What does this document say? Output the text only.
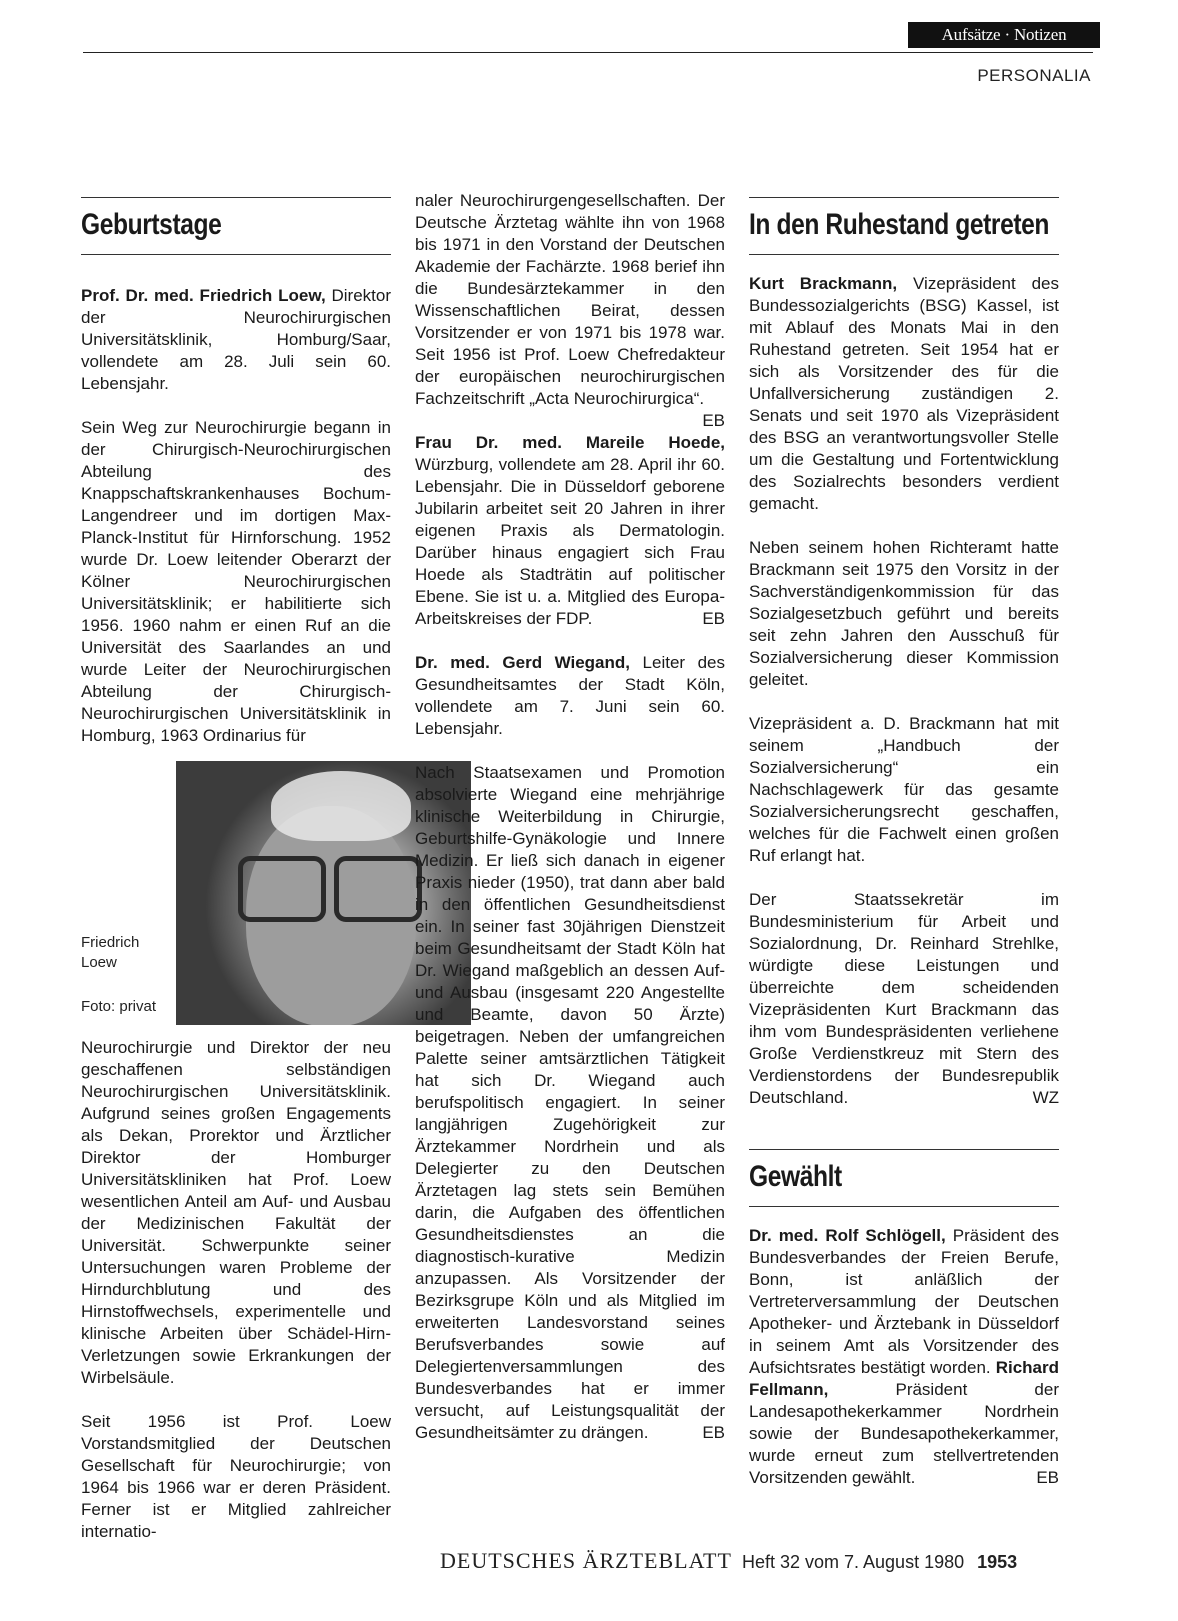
Aufsätze · Notizen
PERSONALIA
Geburtstage

Prof. Dr. med. Friedrich Loew, Direktor der Neurochirurgischen Universitätsklinik, Homburg/Saar, vollendete am 28. Juli sein 60. Lebensjahr.

Sein Weg zur Neurochirurgie begann in der Chirurgisch-Neurochirurgischen Abteilung des Knappschaftskrankenhauses Bochum-Langendreer und im dortigen Max-Planck-Institut für Hirnforschung. 1952 wurde Dr. Loew leitender Oberarzt der Kölner Neurochirurgischen Universitätsklinik; er habilitierte sich 1956. 1960 nahm er einen Ruf an die Universität des Saarlandes an und wurde Leiter der Neurochirurgischen Abteilung der Chirurgisch-Neurochirurgischen Universitätsklinik in Homburg, 1963 Ordinarius für

Friedrich Loew
Foto: privat

Neurochirurgie und Direktor der neu geschaffenen selbständigen Neurochirurgischen Universitätsklinik. Aufgrund seines großen Engagements als Dekan, Prorektor und Ärztlicher Direktor der Homburger Universitätskliniken hat Prof. Loew wesentlichen Anteil am Auf- und Ausbau der Medizinischen Fakultät der Universität. Schwerpunkte seiner Untersuchungen waren Probleme der Hirndurchblutung und des Hirnstoffwechsels, experimentelle und klinische Arbeiten über Schädel-Hirn-Verletzungen sowie Erkrankungen der Wirbelsäule.

Seit 1956 ist Prof. Loew Vorstandsmitglied der Deutschen Gesellschaft für Neurochirurgie; von 1964 bis 1966 war er deren Präsident. Ferner ist er Mitglied zahlreicher internatio-

naler Neurochirurgengesellschaften. Der Deutsche Ärztetag wählte ihn von 1968 bis 1971 in den Vorstand der Deutschen Akademie der Fachärzte. 1968 berief ihn die Bundesärztekammer in den Wissenschaftlichen Beirat, dessen Vorsitzender er von 1971 bis 1978 war. Seit 1956 ist Prof. Loew Chefredakteur der europäischen neurochirurgischen Fachzeitschrift „Acta Neurochirurgica“.
EB

Frau Dr. med. Mareile Hoede, Würzburg, vollendete am 28. April ihr 60. Lebensjahr. Die in Düsseldorf geborene Jubilarin arbeitet seit 20 Jahren in ihrer eigenen Praxis als Dermatologin. Darüber hinaus engagiert sich Frau Hoede als Stadträtin auf politischer Ebene. Sie ist u. a. Mitglied des Europa-Arbeitskreises der FDP.	EB

Dr. med. Gerd Wiegand, Leiter des Gesundheitsamtes der Stadt Köln, vollendete am 7. Juni sein 60. Lebensjahr.

Nach Staatsexamen und Promotion absolvierte Wiegand eine mehrjährige klinische Weiterbildung in Chirurgie, Geburtshilfe-Gynäkologie und Innere Medizin. Er ließ sich danach in eigener Praxis nieder (1950), trat dann aber bald in den öffentlichen Gesundheitsdienst ein. In seiner fast 30jährigen Dienstzeit beim Gesundheitsamt der Stadt Köln hat Dr. Wiegand maßgeblich an dessen Auf- und Ausbau (insgesamt 220 Angestellte und Beamte, davon 50 Ärzte) beigetragen. Neben der umfangreichen Palette seiner amtsärztlichen Tätigkeit hat sich Dr. Wiegand auch berufspolitisch engagiert. In seiner langjährigen Zugehörigkeit zur Ärztekammer Nordrhein und als Delegierter zu den Deutschen Ärztetagen lag stets sein Bemühen darin, die Aufgaben des öffentlichen Gesundheitsdienstes an die diagnostisch-kurative Medizin anzupassen. Als Vorsitzender der Bezirksgrupe Köln und als Mitglied im erweiterten Landesvorstand seines Berufsverbandes sowie auf Delegiertenversammlungen des Bundesverbandes hat er immer versucht, auf Leistungsqualität der Gesundheitsämter zu drängen.	EB

In den Ruhestand getreten

Kurt Brackmann, Vizepräsident des Bundessozialgerichts (BSG) Kassel, ist mit Ablauf des Monats Mai in den Ruhestand getreten. Seit 1954 hat er sich als Vorsitzender des für die Unfallversicherung zuständigen 2. Senats und seit 1970 als Vizepräsident des BSG an verantwortungsvoller Stelle um die Gestaltung und Fortentwicklung des Sozialrechts besonders verdient gemacht.

Neben seinem hohen Richteramt hatte Brackmann seit 1975 den Vorsitz in der Sachverständigenkommission für das Sozialgesetzbuch geführt und bereits seit zehn Jahren den Ausschuß für Sozialversicherung dieser Kommission geleitet.

Vizepräsident a. D. Brackmann hat mit seinem „Handbuch der Sozialversicherung“ ein Nachschlagewerk für das gesamte Sozialversicherungsrecht geschaffen, welches für die Fachwelt einen großen Ruf erlangt hat.

Der Staatssekretär im Bundesministerium für Arbeit und Sozialordnung, Dr. Reinhard Strehlke, würdigte diese Leistungen und überreichte dem scheidenden Vizepräsidenten Kurt Brackmann das ihm vom Bundespräsidenten verliehene Große Verdienstkreuz mit Stern des Verdienstordens der Bundesrepublik Deutschland.	WZ

Gewählt

Dr. med. Rolf Schlögell, Präsident des Bundesverbandes der Freien Berufe, Bonn, ist anläßlich der Vertreterversammlung der Deutschen Apotheker- und Ärztebank in Düsseldorf in seinem Amt als Vorsitzender des Aufsichtsrates bestätigt worden. Richard Fellmann, Präsident der Landesapothekerkammer Nordrhein sowie der Bundesapothekerkammer, wurde erneut zum stellvertretenden Vorsitzenden gewählt.	EB

DEUTSCHES ÄRZTEBLATT Heft 32 vom 7. August 1980 1953
